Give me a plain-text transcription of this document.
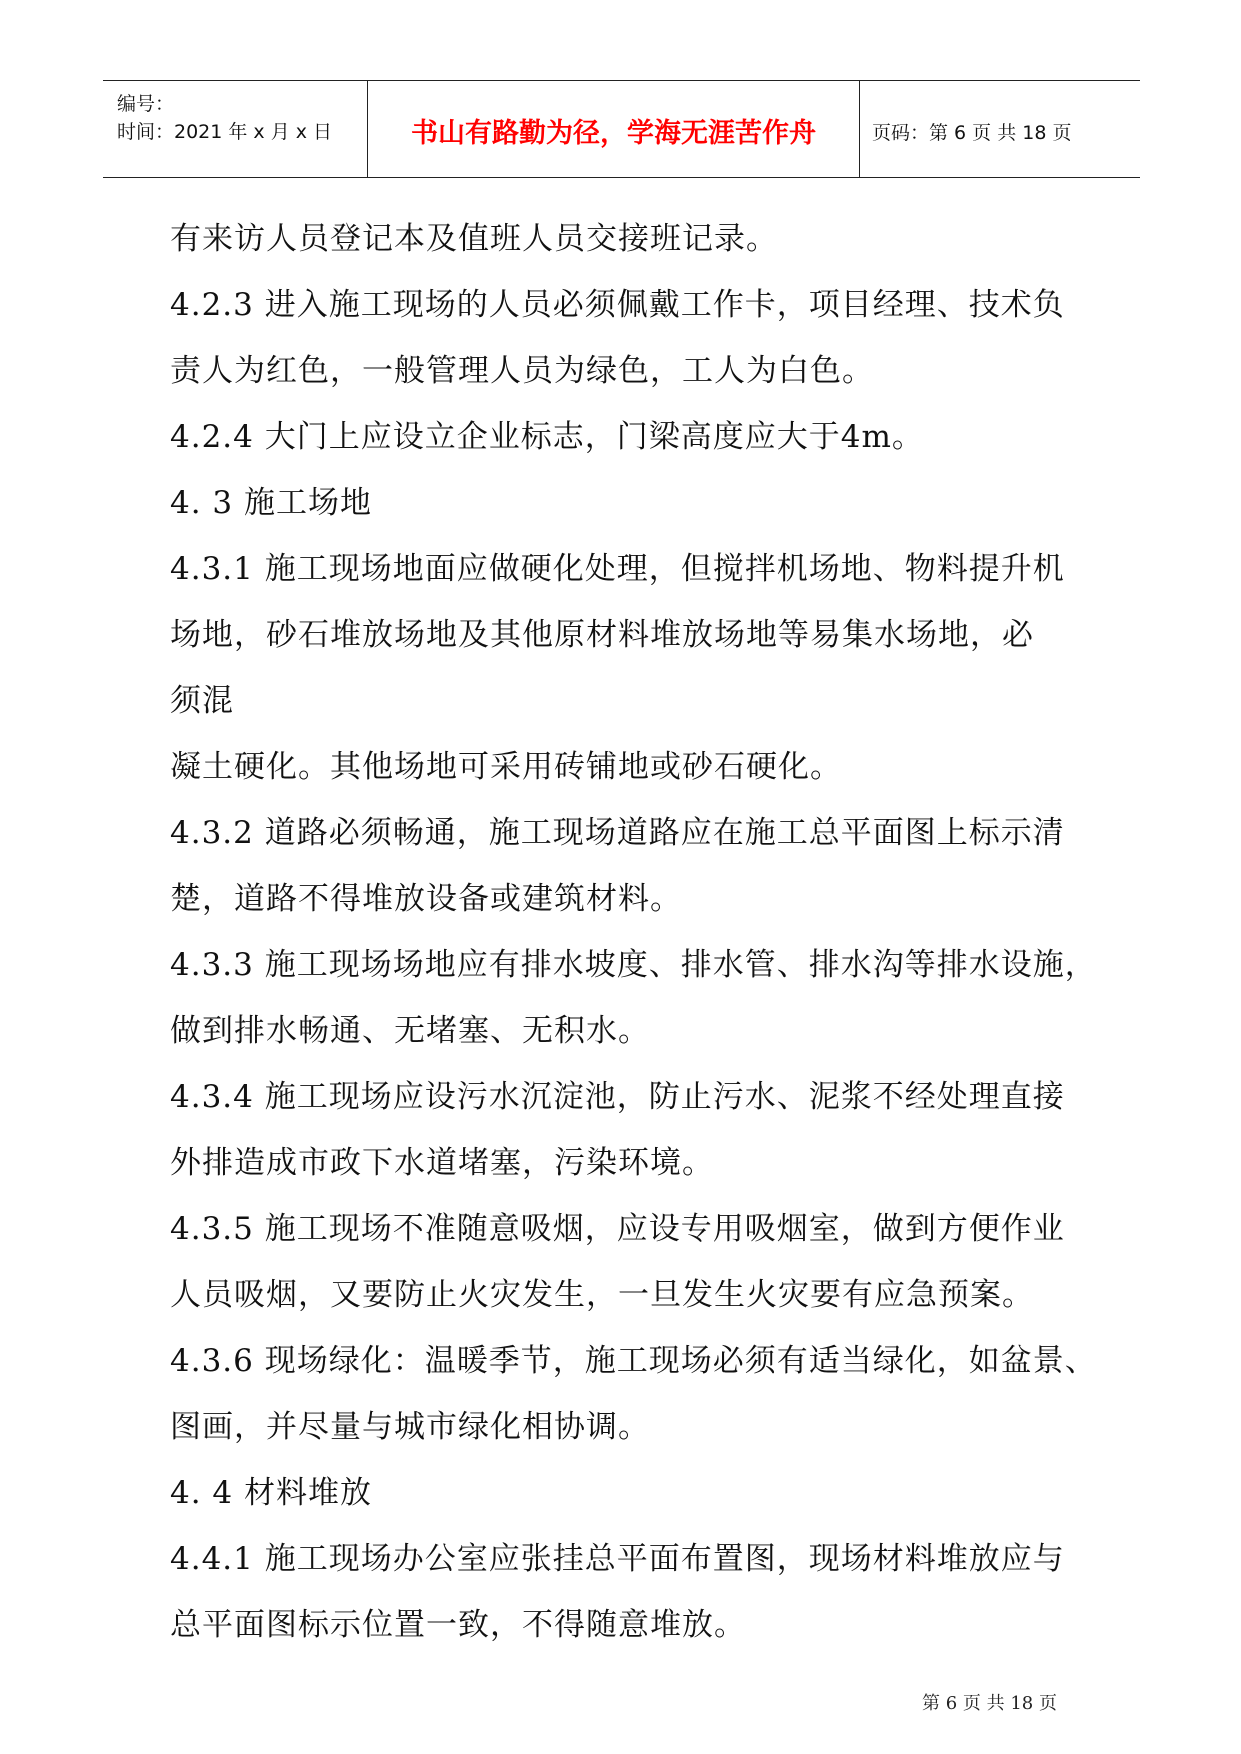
编号：
时间：2021 年 x 月 x 日	书山有路勤为径，学海无涯苦作舟	页码：第 6 页 共 18 页
有来访人员登记本及值班人员交接班记录。
4.2.3 进入施工现场的人员必须佩戴工作卡，项目经理、技术负
责人为红色，一般管理人员为绿色，工人为白色。
4.2.4 大门上应设立企业标志，门梁高度应大于4m。
4. 3 施工场地
4.3.1 施工现场地面应做硬化处理，但搅拌机场地、物料提升机
场地，砂石堆放场地及其他原材料堆放场地等易集水场地，必
须混
凝土硬化。其他场地可采用砖铺地或砂石硬化。
4.3.2 道路必须畅通，施工现场道路应在施工总平面图上标示清
楚，道路不得堆放设备或建筑材料。
4.3.3 施工现场场地应有排水坡度、排水管、排水沟等排水设施，
做到排水畅通、无堵塞、无积水。
4.3.4 施工现场应设污水沉淀池，防止污水、泥浆不经处理直接
外排造成市政下水道堵塞，污染环境。
4.3.5 施工现场不准随意吸烟，应设专用吸烟室，做到方便作业
人员吸烟，又要防止火灾发生，一旦发生火灾要有应急预案。
4.3.6 现场绿化：温暖季节，施工现场必须有适当绿化，如盆景、
图画，并尽量与城市绿化相协调。
4. 4 材料堆放
4.4.1 施工现场办公室应张挂总平面布置图，现场材料堆放应与
总平面图标示位置一致，不得随意堆放。
第 6 页 共 18 页
